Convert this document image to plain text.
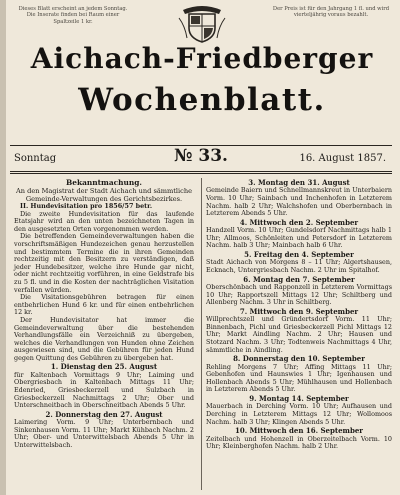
Dieses Blatt erscheint an jedem Sonntag. Die Inserate finden bei Raum einer Spaltzeile 1 kr.
Der Preis ist für den Jahrgang 1 fl. und wird vierteljährig voraus bezahlt.
Aichach-Friedberger
Wochenblatt.
Sonntag	№ 33.	16. August 1857.
Bekanntmachung.
An den Magistrat der Stadt Aichach und sämmtliche Gemeinde-Verwaltungen des Gerichtsbezirkes.

II. Hundevisitation pro 1856/57 betr.

Die zweite Hundevisitation für das laufende Etatsjahr wird an den unten bezeichneten Tagen in den ausgesetzten Orten vorgenommen werden.

Die betreffenden Gemeindeverwaltungen haben die vorschriftsmäßigen Hundezeichen genau herzustellen und bestimmtem Termine die in ihren Gemeinden rechtzeitig mit den Besitzern zu verständigen, daß jeder Hundebesitzer, welche ihre Hunde gar nicht, oder nicht rechtzeitig vorführen, in eine Geldstrafe bis zu 5 fl. und in die Kosten der nachträglichen Visitation verfallen würden.

Die Visitationsgebühren betragen für einen entbehrlichen Hund 6 kr. und für einen entbehrlichen 12 kr.

Der Hundevisitator hat immer die Gemeindeverwaltung über die bestehenden Verhandlungsfälle ein Verzeichniß zu übergeben, welches die Verhandlungen von Hunden ohne Zeichen ausgewiesen sind, und die Gebühren für jeden Hund gegen Quittung des Gebühren zu übergeben hat.

1. Dienstag den 25. August

für Kaltenbach Vormittags 9 Uhr; Laiming und Obergriesbach in Kaltenbach Mittags 11 Uhr; Edenried, Griesbeckerzell und Sulzbach in Griesbeckerzell Nachmittags 2 Uhr; Ober und Unterschneitbach in Oberschneitbach Abends 5 Uhr.

2. Donnerstag den 27. August

Laimering Vorm. 9 Uhr; Unterbernbach und Sinkenhausen Vorm. 11 Uhr; Markt Kühbach Nachm. 2 Uhr; Ober- und Unterwittelsbach Abends 5 Uhr in Unterwittelsbach.

3. Montag den 31. August

Gemeinde Baiern und Schnellmannskreut in Unterbaiern Vorm. 10 Uhr; Sainbach und Inchenhofen in Letzterem Nachm. halb 2 Uhr; Walchshofen und Oberbernbach in Letzterem Abends 5 Uhr.

4. Mittwoch den 2. September

Handzell Vorm. 10 Uhr; Gundelsdorf Nachmittags halb 1 Uhr; Allmoos, Schönleiten und Petersdorf in Letzterem Nachm. halb 3 Uhr; Mainbach halb 6 Uhr.

5. Freitag den 4. September

Stadt Aichach von Morgens 8 – 11 Uhr; Algertshausen, Ecknach, Untergriesbach Nachm. 2 Uhr im Spitalhof.

6. Montag den 7. September

Oberschönbach und Rapponzell in Letzterem Vormittags 10 Uhr; Rapportszell Mittags 12 Uhr; Schiltberg und Allenberg Nachm. 3 Uhr in Schiltberg.

7. Mittwoch den 9. September

Willprechtszell und Gründertsdorf Vorm. 11 Uhr; Binnenbach, Pichl und Griesbeckerzell Pichl Mittags 12 Uhr; Markt Aindling Nachm. 2 Uhr; Hausen und Stotzard Nachm. 3 Uhr; Todtenweis Nachmittags 4 Uhr, sämmtliche in Aindling.

8. Donnerstag den 10. September

Rehling Morgens 7 Uhr; Affing Mittags 11 Uhr; Gebenhofen und Haunswies 1 Uhr; Igenhausen und Hollenbach Abends 5 Uhr; Mühlhausen und Hollenbach in Letzterem Abends 5 Uhr.

9. Montag 14. September

Mauerbach in Derching Vorm. 10 Uhr; Aufhausen und Derching in Letzterem Mittags 12 Uhr; Wollomoos Nachm. halb 3 Uhr; Klingen Abends 5 Uhr.

10. Mittwoch den 16. September

Zeitelbach und Hohenzell in Oberzeitelbach Vorm. 10 Uhr; Kleinberghofen Nachm. halb 2 Uhr.
